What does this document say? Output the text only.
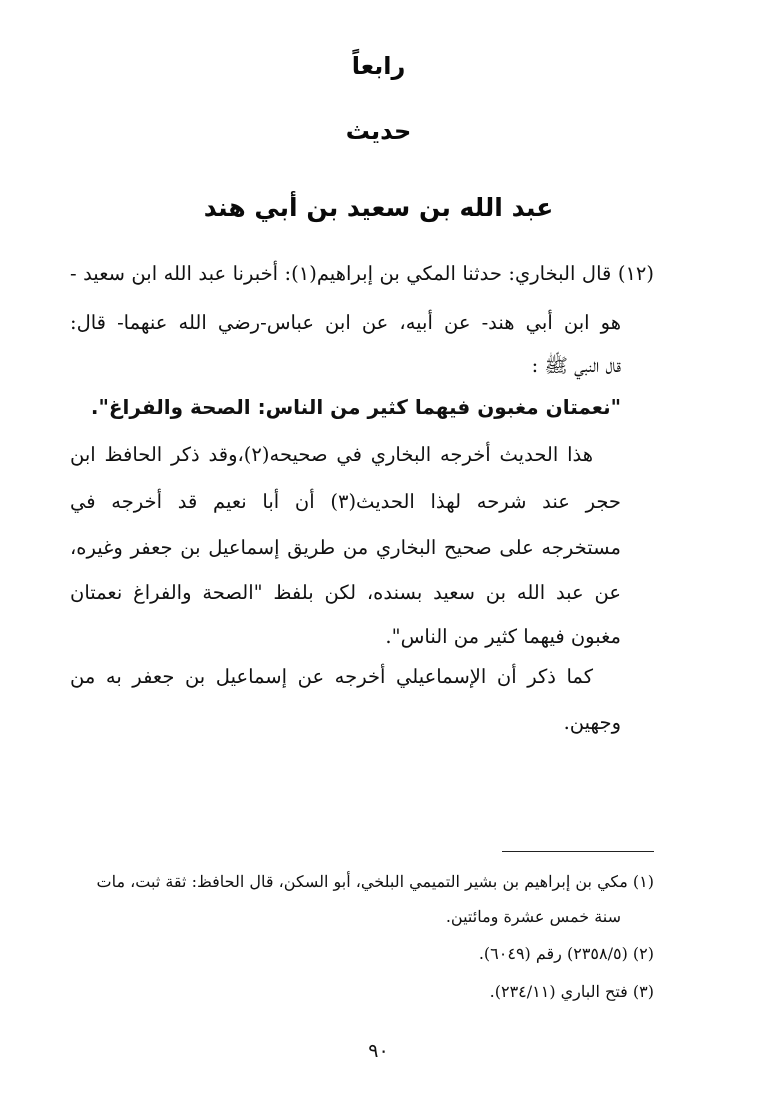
رابعاً
حديث
عبد الله بن سعيد بن أبي هند
(١٢) قال البخاري: حدثنا المكي بن إبراهيم(١): أخبرنا عبد الله ابن سعيد -
هو ابن أبي هند- عن أبيه، عن ابن عباس-رضي الله عنهما- قال:
قال النبي ﷺ :
"نعمتان مغبون فيهما كثير من الناس: الصحة والفراغ".
هذا الحديث أخرجه البخاري في صحيحه(٢)،وقد ذكر الحافظ ابن
حجر عند شرحه لهذا الحديث(٣) أن أبا نعيم قد أخرجه في
مستخرجه على صحيح البخاري من طريق إسماعيل بن جعفر وغيره،
عن عبد الله بن سعيد بسنده، لكن بلفظ "الصحة والفراغ نعمتان
مغبون فيهما كثير من الناس".
كما ذكر أن الإسماعيلي أخرجه عن إسماعيل بن جعفر به من
وجهين.
(١) مكي بن إبراهيم بن بشير التميمي البلخي، أبو السكن، قال الحافظ: ثقة ثبت، مات
سنة خمس عشرة ومائتين.
(٢) (٢٣٥٨/٥) رقم (٦٠٤٩).
(٣) فتح الباري (٢٣٤/١١).
٩٠
